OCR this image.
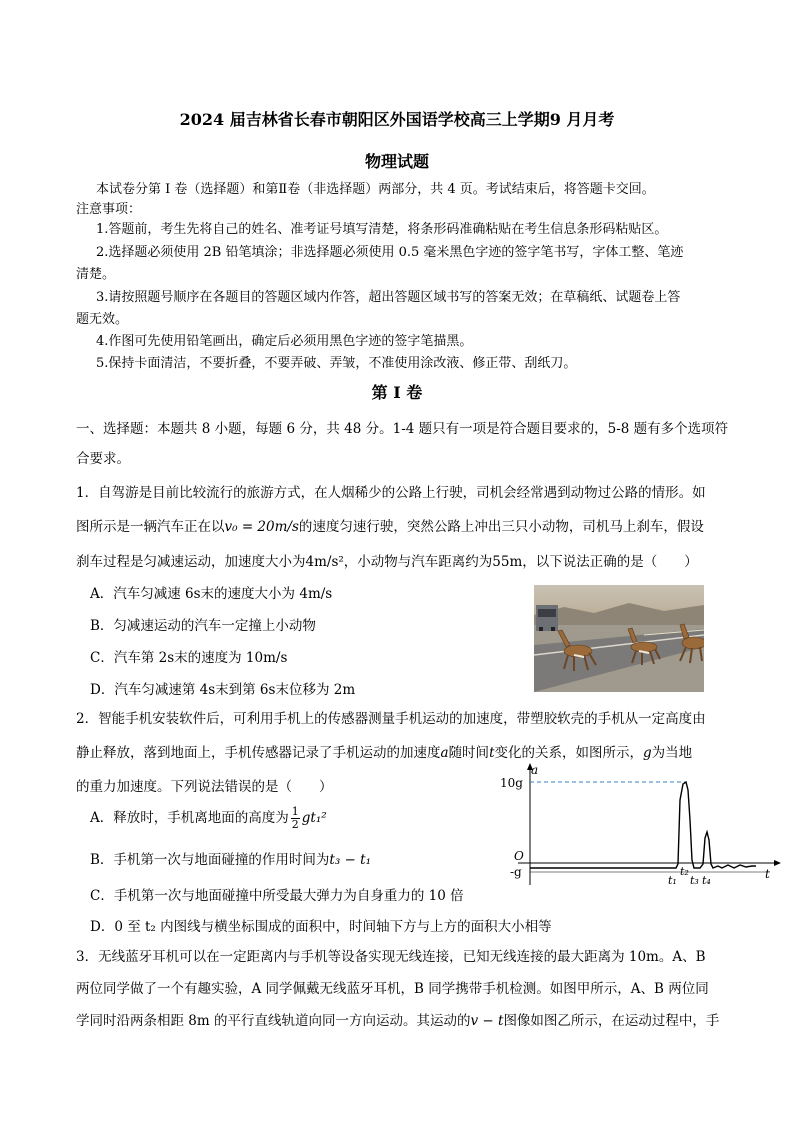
2024 届吉林省长春市朝阳区外国语学校高三上学期9 月月考
物理试题
本试卷分第 I 卷（选择题）和第Ⅱ卷（非选择题）两部分，共 4 页。考试结束后，将答题卡交回。
注意事项：
1.答题前，考生先将自己的姓名、准考证号填写清楚，将条形码准确粘贴在考生信息条形码粘贴区。
2.选择题必须使用 2B 铅笔填涂；非选择题必须使用 0.5 毫米黑色字迹的签字笔书写，字体工整、笔迹
清楚。
3.请按照题号顺序在各题目的答题区域内作答，超出答题区域书写的答案无效；在草稿纸、试题卷上答
题无效。
4.作图可先使用铅笔画出，确定后必须用黑色字迹的签字笔描黑。
5.保持卡面清洁，不要折叠，不要弄破、弄皱，不准使用涂改液、修正带、刮纸刀。
第 I 卷
一、选择题：本题共 8 小题，每题 6 分，共 48 分。1-4 题只有一项是符合题目要求的，5-8 题有多个选项符
合要求。
1．自驾游是目前比较流行的旅游方式，在人烟稀少的公路上行驶，司机会经常遇到动物过公路的情形。如
图所示是一辆汽车正在以v₀ = 20m/s的速度匀速行驶，突然公路上冲出三只小动物，司机马上刹车，假设
刹车过程是匀减速运动，加速度大小为4m/s²，小动物与汽车距离约为55m，以下说法正确的是（　　）
A．汽车匀减速 6s末的速度大小为 4m/s
B．匀减速运动的汽车一定撞上小动物
C．汽车第 2s末的速度为 10m/s
D．汽车匀减速第 4s末到第 6s末位移为 2m
2．智能手机安装软件后，可利用手机上的传感器测量手机运动的加速度，带塑胶软壳的手机从一定高度由
静止释放，落到地面上，手机传感器记录了手机运动的加速度a随时间t变化的关系，如图所示，g为当地
的重力加速度。下列说法错误的是（　　）
A．释放时，手机离地面的高度为 $\frac{1}{2} gt_1^2$
B．手机第一次与地面碰撞的作用时间为t₃ − t₁
C．手机第一次与地面碰撞中所受最大弹力为自身重力的 10 倍
D．0 至 t₂ 内图线与横坐标围成的面积中，时间轴下方与上方的面积大小相等
a
10g
O
-g
t₁
t₂
t₃ t₄	t
3．无线蓝牙耳机可以在一定距离内与手机等设备实现无线连接，已知无线连接的最大距离为 10m。A、B
两位同学做了一个有趣实验，A 同学佩戴无线蓝牙耳机，B 同学携带手机检测。如图甲所示，A、B 两位同
学同时沿两条相距 8m 的平行直线轨道向同一方向运动。其运动的v − t图像如图乙所示，在运动过程中，手
